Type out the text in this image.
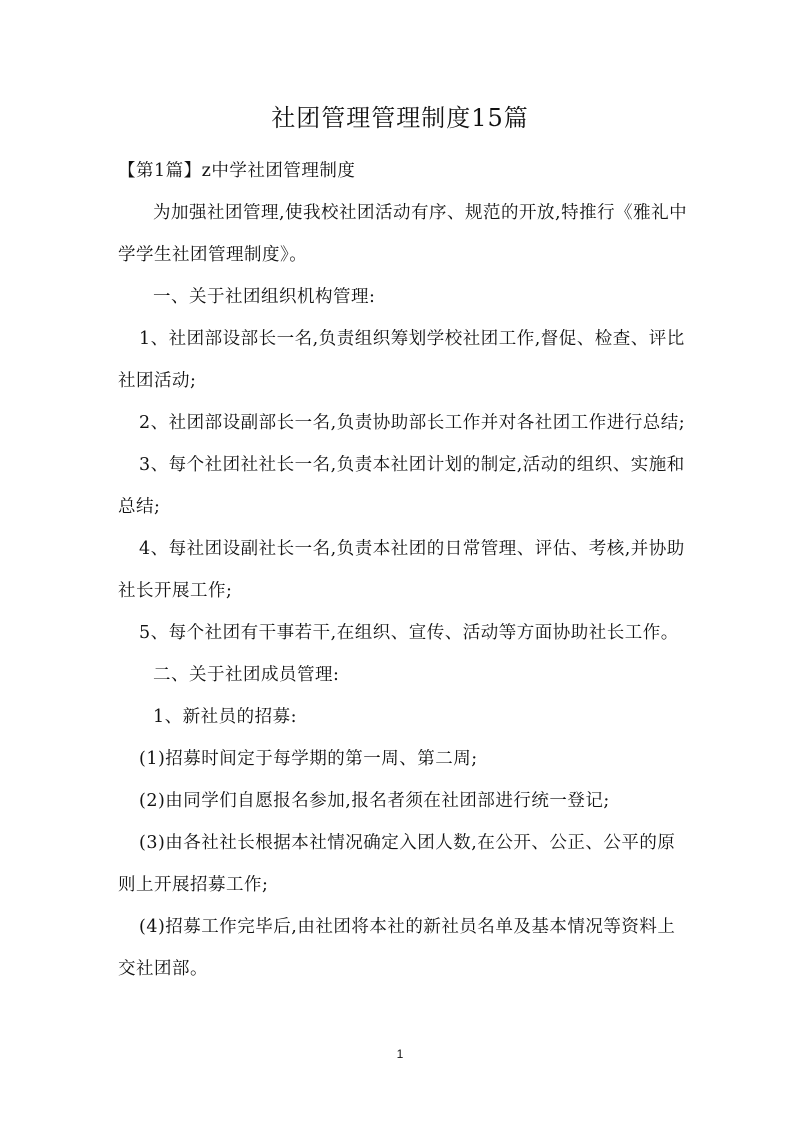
社团管理管理制度15篇

【第1篇】z中学社团管理制度

为加强社团管理,使我校社团活动有序、规范的开放,特推行《雅礼中学学生社团管理制度》。

一、关于社团组织机构管理:

1、社团部设部长一名,负责组织筹划学校社团工作,督促、检查、评比社团活动;

2、社团部设副部长一名,负责协助部长工作并对各社团工作进行总结;

3、每个社团社社长一名,负责本社团计划的制定,活动的组织、实施和总结;

4、每社团设副社长一名,负责本社团的日常管理、评估、考核,并协助社长开展工作;

5、每个社团有干事若干,在组织、宣传、活动等方面协助社长工作。

二、关于社团成员管理:

1、新社员的招募:

(1)招募时间定于每学期的第一周、第二周;

(2)由同学们自愿报名参加,报名者须在社团部进行统一登记;

(3)由各社社长根据本社情况确定入团人数,在公开、公正、公平的原则上开展招募工作;

(4)招募工作完毕后,由社团将本社的新社员名单及基本情况等资料上交社团部。

1
